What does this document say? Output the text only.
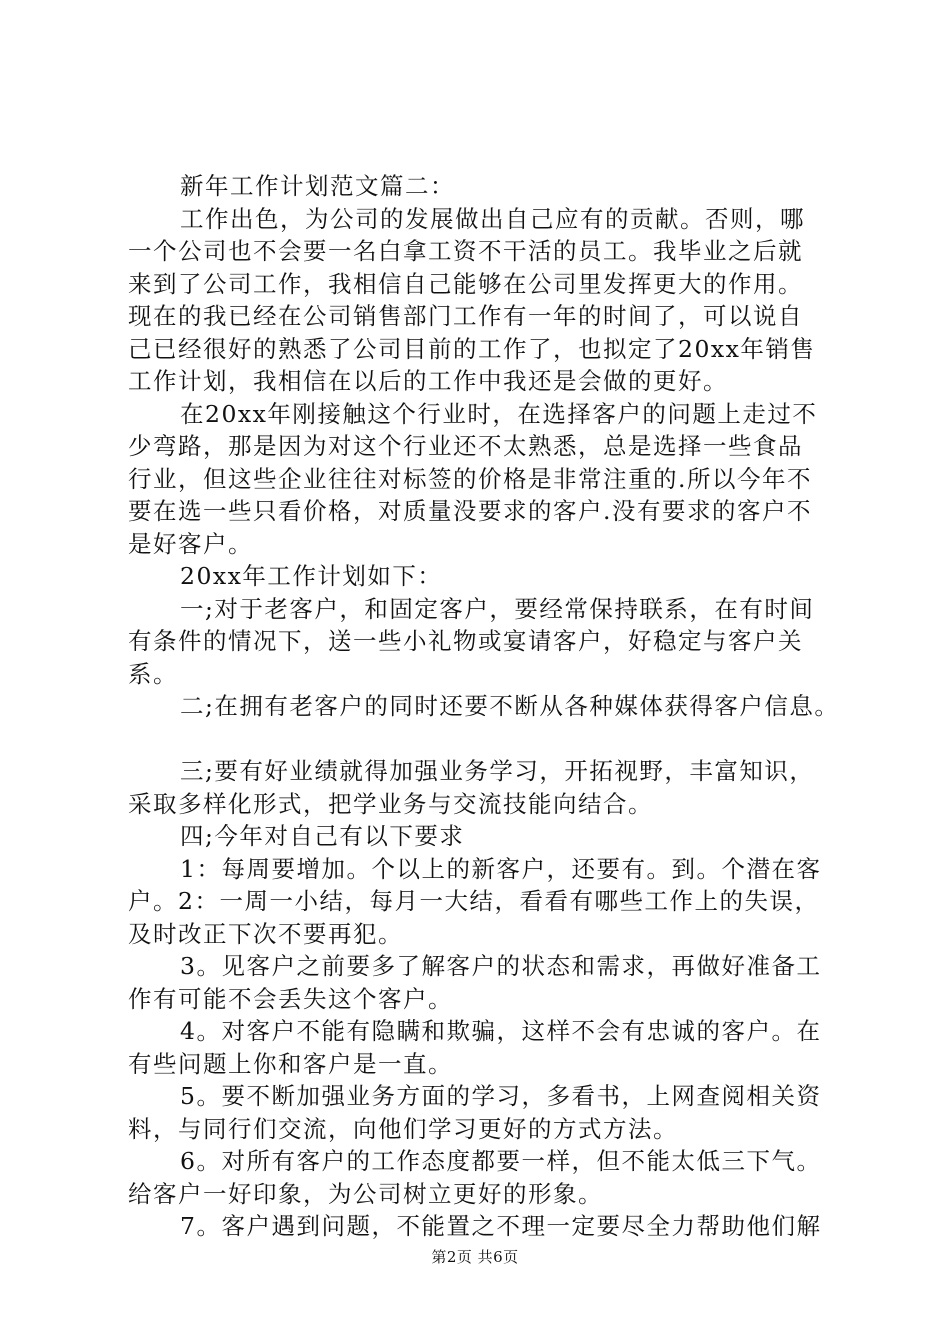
新年工作计划范文篇二：
工作出色，为公司的发展做出自己应有的贡献。否则，哪
一个公司也不会要一名白拿工资不干活的员工。我毕业之后就
来到了公司工作，我相信自己能够在公司里发挥更大的作用。
现在的我已经在公司销售部门工作有一年的时间了，可以说自
己已经很好的熟悉了公司目前的工作了，也拟定了20xx年销售
工作计划，我相信在以后的工作中我还是会做的更好。
在20xx年刚接触这个行业时，在选择客户的问题上走过不
少弯路，那是因为对这个行业还不太熟悉，总是选择一些食品
行业，但这些企业往往对标签的价格是非常注重的.所以今年不
要在选一些只看价格，对质量没要求的客户.没有要求的客户不
是好客户。
20xx年工作计划如下：
一;对于老客户，和固定客户，要经常保持联系，在有时间
有条件的情况下，送一些小礼物或宴请客户，好稳定与客户关
系。
二;在拥有老客户的同时还要不断从各种媒体获得客户信息。
三;要有好业绩就得加强业务学习，开拓视野，丰富知识，
采取多样化形式，把学业务与交流技能向结合。
四;今年对自己有以下要求
1：每周要增加。个以上的新客户，还要有。到。个潜在客
户。2：一周一小结，每月一大结，看看有哪些工作上的失误，
及时改正下次不要再犯。
3。见客户之前要多了解客户的状态和需求，再做好准备工
作有可能不会丢失这个客户。
4。对客户不能有隐瞒和欺骗，这样不会有忠诚的客户。在
有些问题上你和客户是一直。
5。要不断加强业务方面的学习，多看书，上网查阅相关资
料，与同行们交流，向他们学习更好的方式方法。
6。对所有客户的工作态度都要一样，但不能太低三下气。
给客户一好印象，为公司树立更好的形象。
7。客户遇到问题，不能置之不理一定要尽全力帮助他们解
第2页 共6页
